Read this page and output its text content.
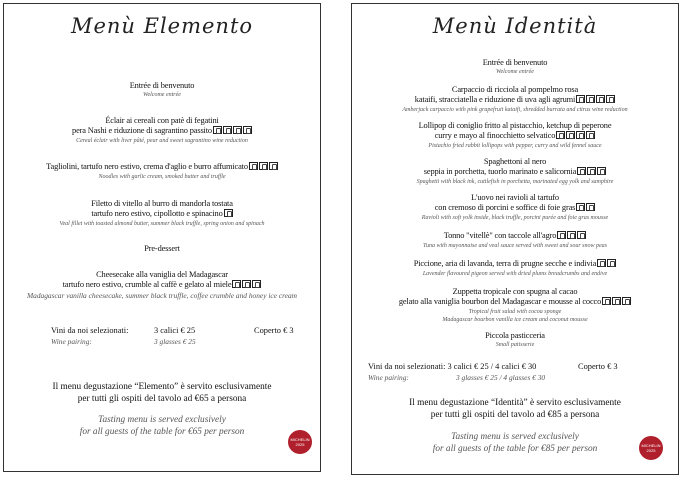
Menù Elemento
Entrée di benvenuto
Welcome entrée
Éclair ai cereali con patè di fegatini
pera Nashi e riduzione di sagrantino passito
Cereal éclair with liver pâté, pear and sweet sagrantino wine reduction
Tagliolini, tartufo nero estivo, crema d'aglio e burro affumicato
Noodles with garlic cream, smoked butter and truffle
Filetto di vitello al burro di mandorla tostata
tartufo nero estivo, cipollotto e spinacino
Veal fillet with toasted almond butter, summer black truffle, spring onion and spinach
Pre-dessert
Cheesecake alla vaniglia del Madagascar
tartufo nero estivo, crumble al caffè e gelato al miele
Madagascar vanilla cheesecake, summer black truffle, coffee crumble and honey ice cream
Vini da noi selezionati:	3 calici € 25	Coperto € 3
Wine pairing:	3 glasses € 25
Il menu degustazione “Elemento” è servito esclusivamente
per tutti gli ospiti del tavolo ad €65 a persona
Tasting menu is served exclusively
for all guests of the table for €65 per person
MICHELIN
2025
Menù Identità
Entrée di benvenuto
Welcome entrée
Carpaccio di ricciola al pompelmo rosa
kataifi, stracciatella e riduzione di uva agli agrumi
Amberjack carpaccio with pink grapefruit kataifi, shredded burrata and citrus wine reduction
Lollipop di coniglio fritto al pistacchio, ketchup di peperone
curry e mayo al finocchietto selvatico
Pistachio fried rabbit lollipops with pepper, curry and wild fennel sauce
Spaghettoni al nero
seppia in porchetta, tuorlo marinato e salicornia
Spaghetti with black ink, cuttlefish in porchetta, marinated egg yolk and samphire
L'uovo nei ravioli al tartufo
con cremoso di porcini e soffice di foie gras
Ravioli with soft yolk inside, black truffle, porcini purée and foie gras mousse
Tonno "vitellè" con taccole all'agro
Tuna with mayonnaise and veal sauce served with sweet and sour snow peas
Piccione, aria di lavanda, terra di prugne secche e indivia
Lavender flavoured pigeon served with dried plums breadcrumbs and endive
Zuppetta tropicale con spugna al cacao
gelato alla vaniglia bourbon del Madagascar e mousse al cocco
Tropical fruit salad with cocoa sponge
Madagascar bourbon vanilla ice cream and coconut mousse
Piccola pasticceria
Small patisserie
Vini da noi selezionati: 3 calici € 25 / 4 calici € 30	Coperto € 3
Wine pairing:	3 glasses € 25 / 4 glasses € 30
Il menu degustazione “Identità” è servito esclusivamente
per tutti gli ospiti del tavolo ad €85 a persona
Tasting menu is served exclusively
for all guests of the table for €85 per person	MICHELIN
2025
